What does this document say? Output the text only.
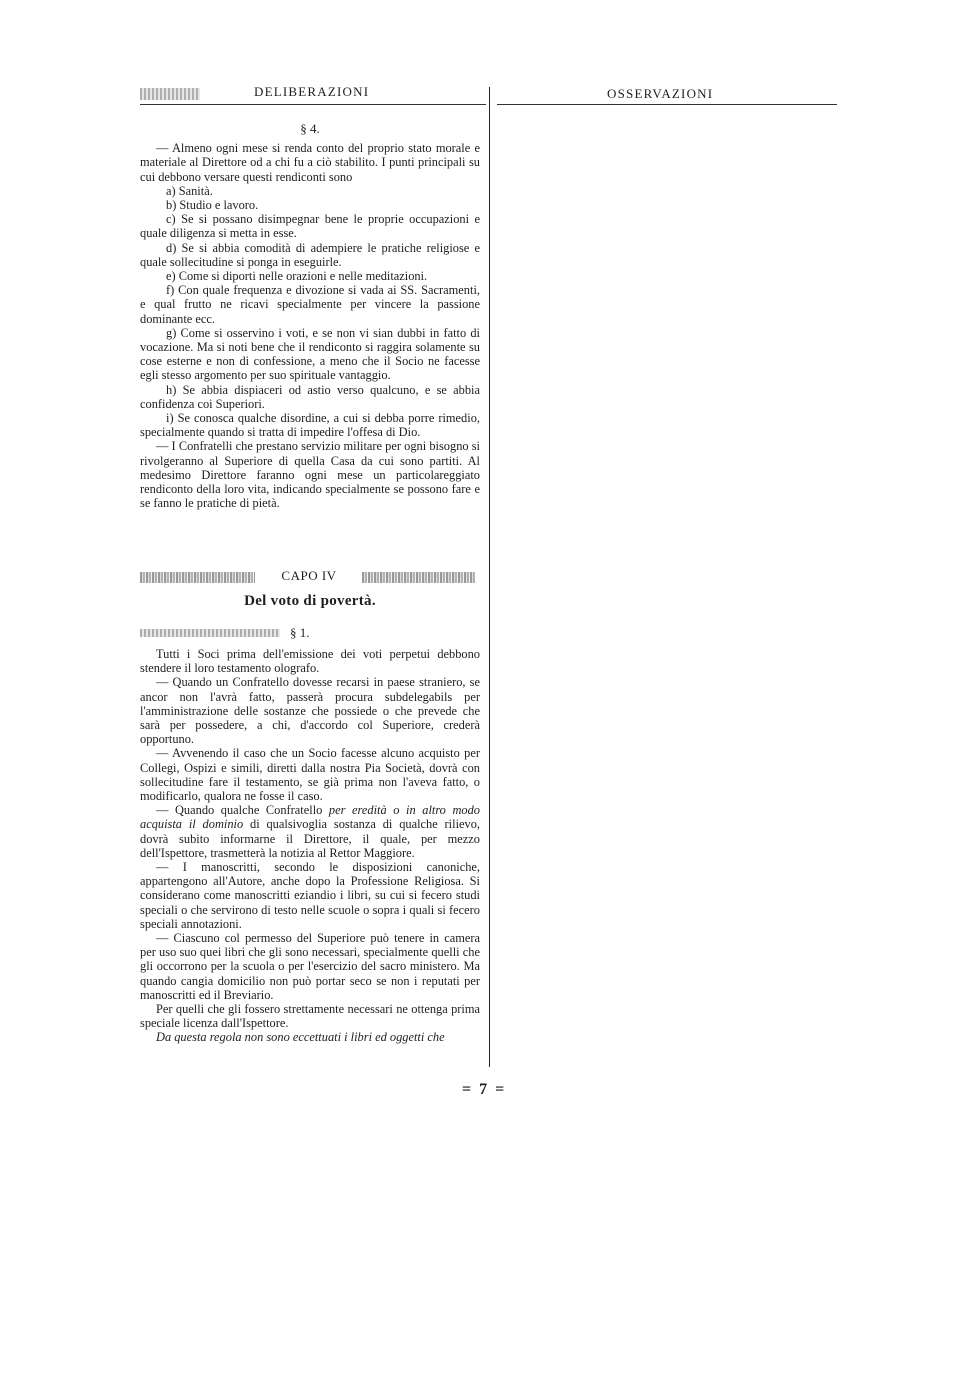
DELIBERAZIONI	OSSERVAZIONI

§ 4.

— Almeno ogni mese si renda conto del proprio stato morale e materiale al Direttore od a chi fu a ciò stabilito. I punti principali su cui debbono versare questi rendiconti sono

a) Sanità.

b) Studio e lavoro.

c) Se si possano disimpegnar bene le proprie occupazioni e quale diligenza si metta in esse.

d) Se si abbia comodità di adempiere le pratiche religiose e quale sollecitudine si ponga in eseguirle.

e) Come si diporti nelle orazioni e nelle meditazioni.

f) Con quale frequenza e divozione si vada ai SS. Sacramenti, e qual frutto ne ricavi specialmente per vincere la passione dominante ecc.

g) Come si osservino i voti, e se non vi sian dubbi in fatto di vocazione. Ma si noti bene che il rendiconto si raggira solamente su cose esterne e non di confessione, a meno che il Socio ne facesse egli stesso argomento per suo spirituale vantaggio.

h) Se abbia dispiaceri od astio verso qualcuno, e se abbia confidenza coi Superiori.

i) Se conosca qualche disordine, a cui si debba porre rimedio, specialmente quando si tratta di impedire l'offesa di Dio.

— I Confratelli che prestano servizio militare per ogni bisogno si rivolgeranno al Superiore di quella Casa da cui sono partiti. Al medesimo Direttore faranno ogni mese un particolareggiato rendiconto della loro vita, indicando specialmente se possono fare e se fanno le pratiche di pietà.

CAPO IV
Del voto di povertà.
§ 1.

Tutti i Soci prima dell'emissione dei voti perpetui debbono stendere il loro testamento olografo.

— Quando un Confratello dovesse recarsi in paese straniero, se ancor non l'avrà fatto, passerà procura subdelegabils per l'amministrazione delle sostanze che possiede o che prevede che sarà per possedere, a chi, d'accordo col Superiore, crederà opportuno.

— Avvenendo il caso che un Socio facesse alcuno acquisto per Collegi, Ospizi e simili, diretti dalla nostra Pia Società, dovrà con sollecitudine fare il testamento, se già prima non l'aveva fatto, o modificarlo, qualora ne fosse il caso.

— Quando qualche Confratello per eredità o in altro modo acquista il dominio di qualsivoglia sostanza di qualche rilievo, dovrà subito informarne il Direttore, il quale, per mezzo dell'Ispettore, trasmetterà la notizia al Rettor Maggiore.

— I manoscritti, secondo le disposizioni canoniche, appartengono all'Autore, anche dopo la Professione Religiosa. Si considerano come manoscritti eziandio i libri, su cui si fecero studi speciali o che servirono di testo nelle scuole o sopra i quali si fecero speciali annotazioni.

— Ciascuno col permesso del Superiore può tenere in camera per uso suo quei libri che gli sono necessari, specialmente quelli che gli occorrono per la scuola o per l'esercizio del sacro ministero. Ma quando cangia domicilio non può portar seco se non i reputati per manoscritti ed il Breviario.

Per quelli che gli fossero strettamente necessari ne ottenga prima speciale licenza dall'Ispettore.

Da questa regola non sono eccettuati i libri ed oggetti che

= 7 =
